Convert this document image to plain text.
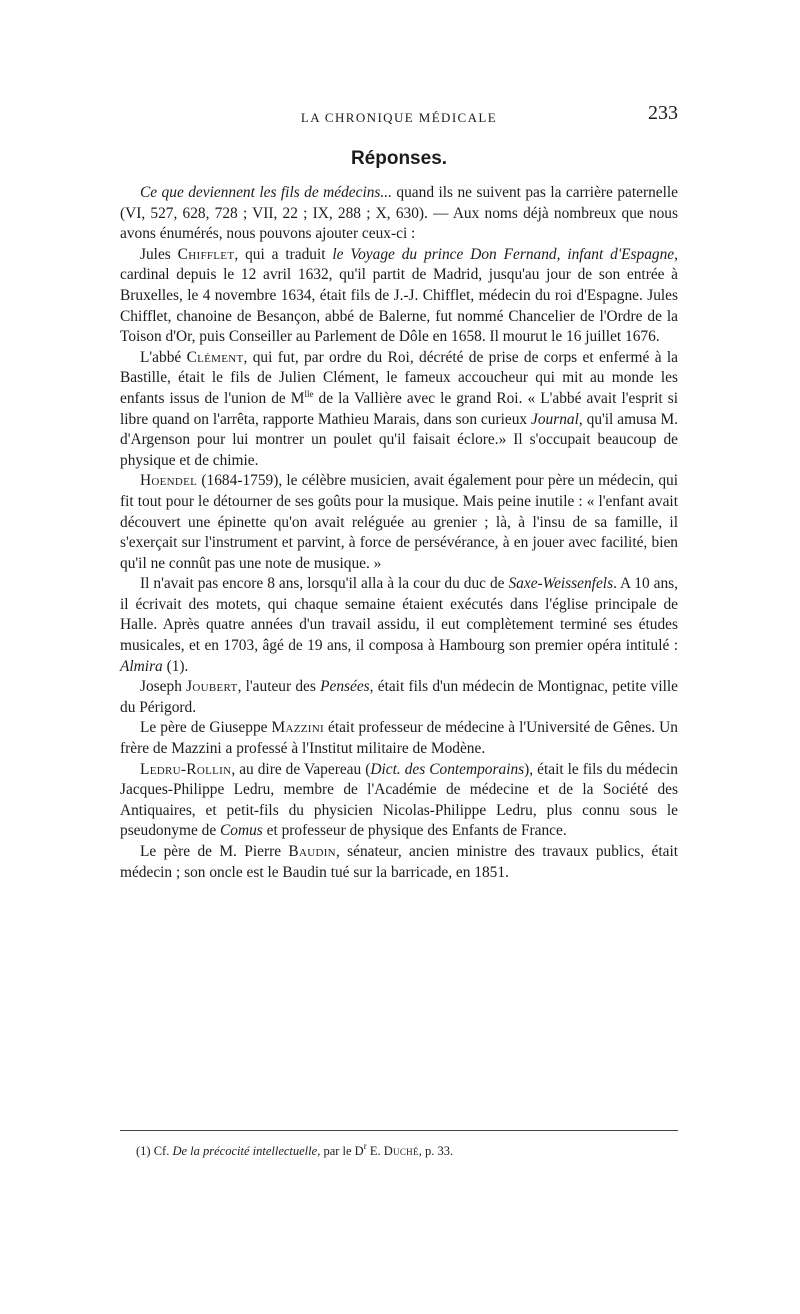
LA CHRONIQUE MÉDICALE	233
Réponses.

Ce que deviennent les fils de médecins... quand ils ne suivent pas la carrière paternelle (VI, 527, 628, 728 ; VII, 22 ; IX, 288 ; X, 630). — Aux noms déjà nombreux que nous avons énumérés, nous pouvons ajouter ceux-ci :

Jules Chifflet, qui a traduit le Voyage du prince Don Fernand, infant d'Espagne, cardinal depuis le 12 avril 1632, qu'il partit de Madrid, jusqu'au jour de son entrée à Bruxelles, le 4 novembre 1634, était fils de J.-J. Chifflet, médecin du roi d'Espagne. Jules Chifflet, chanoine de Besançon, abbé de Balerne, fut nommé Chancelier de l'Ordre de la Toison d'Or, puis Conseiller au Parlement de Dôle en 1658. Il mourut le 16 juillet 1676.

L'abbé Clément, qui fut, par ordre du Roi, décrété de prise de corps et enfermé à la Bastille, était le fils de Julien Clément, le fameux accoucheur qui mit au monde les enfants issus de l'union de $M^{lle}$ de la Vallière avec le grand Roi. « L'abbé avait l'esprit si libre quand on l'arrêta, rapporte Mathieu Marais, dans son curieux Journal, qu'il amusa M. d'Argenson pour lui montrer un poulet qu'il faisait éclore.» Il s'occupait beaucoup de physique et de chimie.

Hoendel (1684-1759), le célèbre musicien, avait également pour père un médecin, qui fit tout pour le détourner de ses goûts pour la musique. Mais peine inutile : « l'enfant avait découvert une épinette qu'on avait reléguée au grenier ; là, à l'insu de sa famille, il s'exerçait sur l'instrument et parvint, à force de persévérance, à en jouer avec facilité, bien qu'il ne connût pas une note de musique. »

Il n'avait pas encore 8 ans, lorsqu'il alla à la cour du duc de Saxe-Weissenfels. A 10 ans, il écrivait des motets, qui chaque semaine étaient exécutés dans l'église principale de Halle. Après quatre années d'un travail assidu, il eut complètement terminé ses études musicales, et en 1703, âgé de 19 ans, il composa à Hambourg son premier opéra intitulé : Almira (1).

Joseph Joubert, l'auteur des Pensées, était fils d'un médecin de Montignac, petite ville du Périgord.

Le père de Giuseppe Mazzini était professeur de médecine à l'Université de Gênes. Un frère de Mazzini a professé à l'Institut militaire de Modène.

Ledru-Rollin, au dire de Vapereau (Dict. des Contemporains), était le fils du médecin Jacques-Philippe Ledru, membre de l'Académie de médecine et de la Société des Antiquaires, et petit-fils du physicien Nicolas-Philippe Ledru, plus connu sous le pseudonyme de Comus et professeur de physique des Enfants de France.

Le père de M. Pierre Baudin, sénateur, ancien ministre des travaux publics, était médecin ; son oncle est le Baudin tué sur la barricade, en 1851.

(1) Cf. De la précocité intellectuelle, par le $D^r$ E. Duché, p. 33.
